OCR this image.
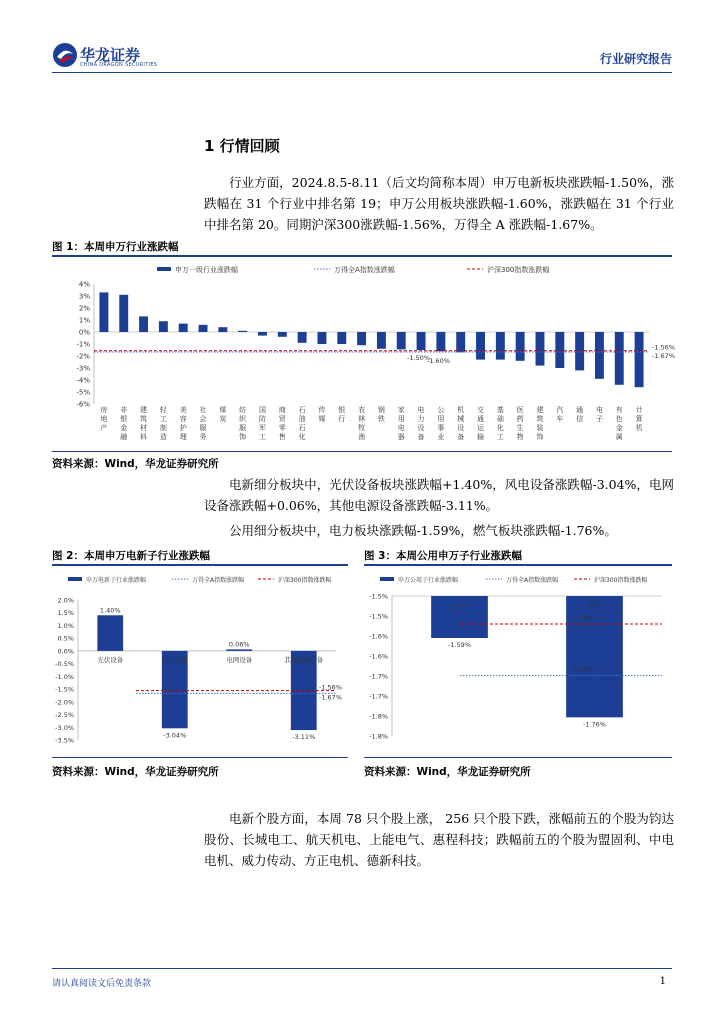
华龙证券
CHINA DRAGON SECURITIES	行业研究报告
1 行情回顾
行业方面，2024.8.5-8.11（后文均简称本周）申万电新板块涨跌幅-1.50%，涨跌幅在 31 个行业中排名第 19；申万公用板块涨跌幅-1.60%，涨跌幅在 31 个行业中排名第 20。同期沪深300涨跌幅-1.56%，万得全 A 涨跌幅-1.67%。
图 1：本周申万行业涨跌幅
申万一级行业涨跌幅	万得全A指数涨跌幅	沪深300指数涨跌幅
4%
3%
2%
1%
0%
-1%
-2%
-3%
-4%
-5%
-6%
房
地
产
非
银
金
融
建
筑
材
料
轻
工
制
造
美
容
护
理
社
会
服
务
煤
炭
纺
织
服
饰
国
防
军
工
商
贸
零
售
石
油
石
化
传
媒
银
行
农
林
牧
渔
钢
铁
家
用
电
器
电
力
设
备
公
用
事
业
机
械
设
备
交
通
运
输
基
础
化
工
医
药
生
物
建
筑
装
饰
汽
车
通
信
电
子
有
色
金
属
计
算
机
-1.56%
-1.67%
-1.50%
-1.60%
资料来源：Wind，华龙证券研究所
电新细分板块中，光伏设备板块涨跌幅+1.40%，风电设备涨跌幅-3.04%，电网设备涨跌幅+0.06%，其他电源设备涨跌幅-3.11%。
公用细分板块中，电力板块涨跌幅-1.59%，燃气板块涨跌幅-1.76%。
图 2：本周申万电新子行业涨跌幅
申万电新子行业涨跌幅	万得全A指数涨跌幅	沪深300指数涨跌幅
2.0%
1.5%
1.0%
0.5%
0.0%
-0.5%
-1.0%
-1.5%
-2.0%
-2.5%
-3.0%
-3.5%
1.40%
光伏设备
-3.04%
风电设备
0.06%
电网设备
-3.11%
其他电源设备
-1.56%
-1.67%
资料来源：Wind，华龙证券研究所
图 3：本周公用申万子行业涨跌幅
申万公用子行业涨跌幅	万得全A指数涨跌幅	沪深300指数涨跌幅
-1.5%
-1.5%
-1.6%
-1.6%
-1.7%
-1.7%
-1.8%
-1.8%
-1.59%
电力
-1.76%
燃气
-1.56%
-1.67%
资料来源：Wind，华龙证券研究所
电新个股方面，本周 78 只个股上涨， 256 只个股下跌，涨幅前五的个股为钧达股份、长城电工、航天机电、上能电气、惠程科技；跌幅前五的个股为盟固利、中电电机、威力传动、方正电机、德新科技。
请认真阅读文后免责条款	1
